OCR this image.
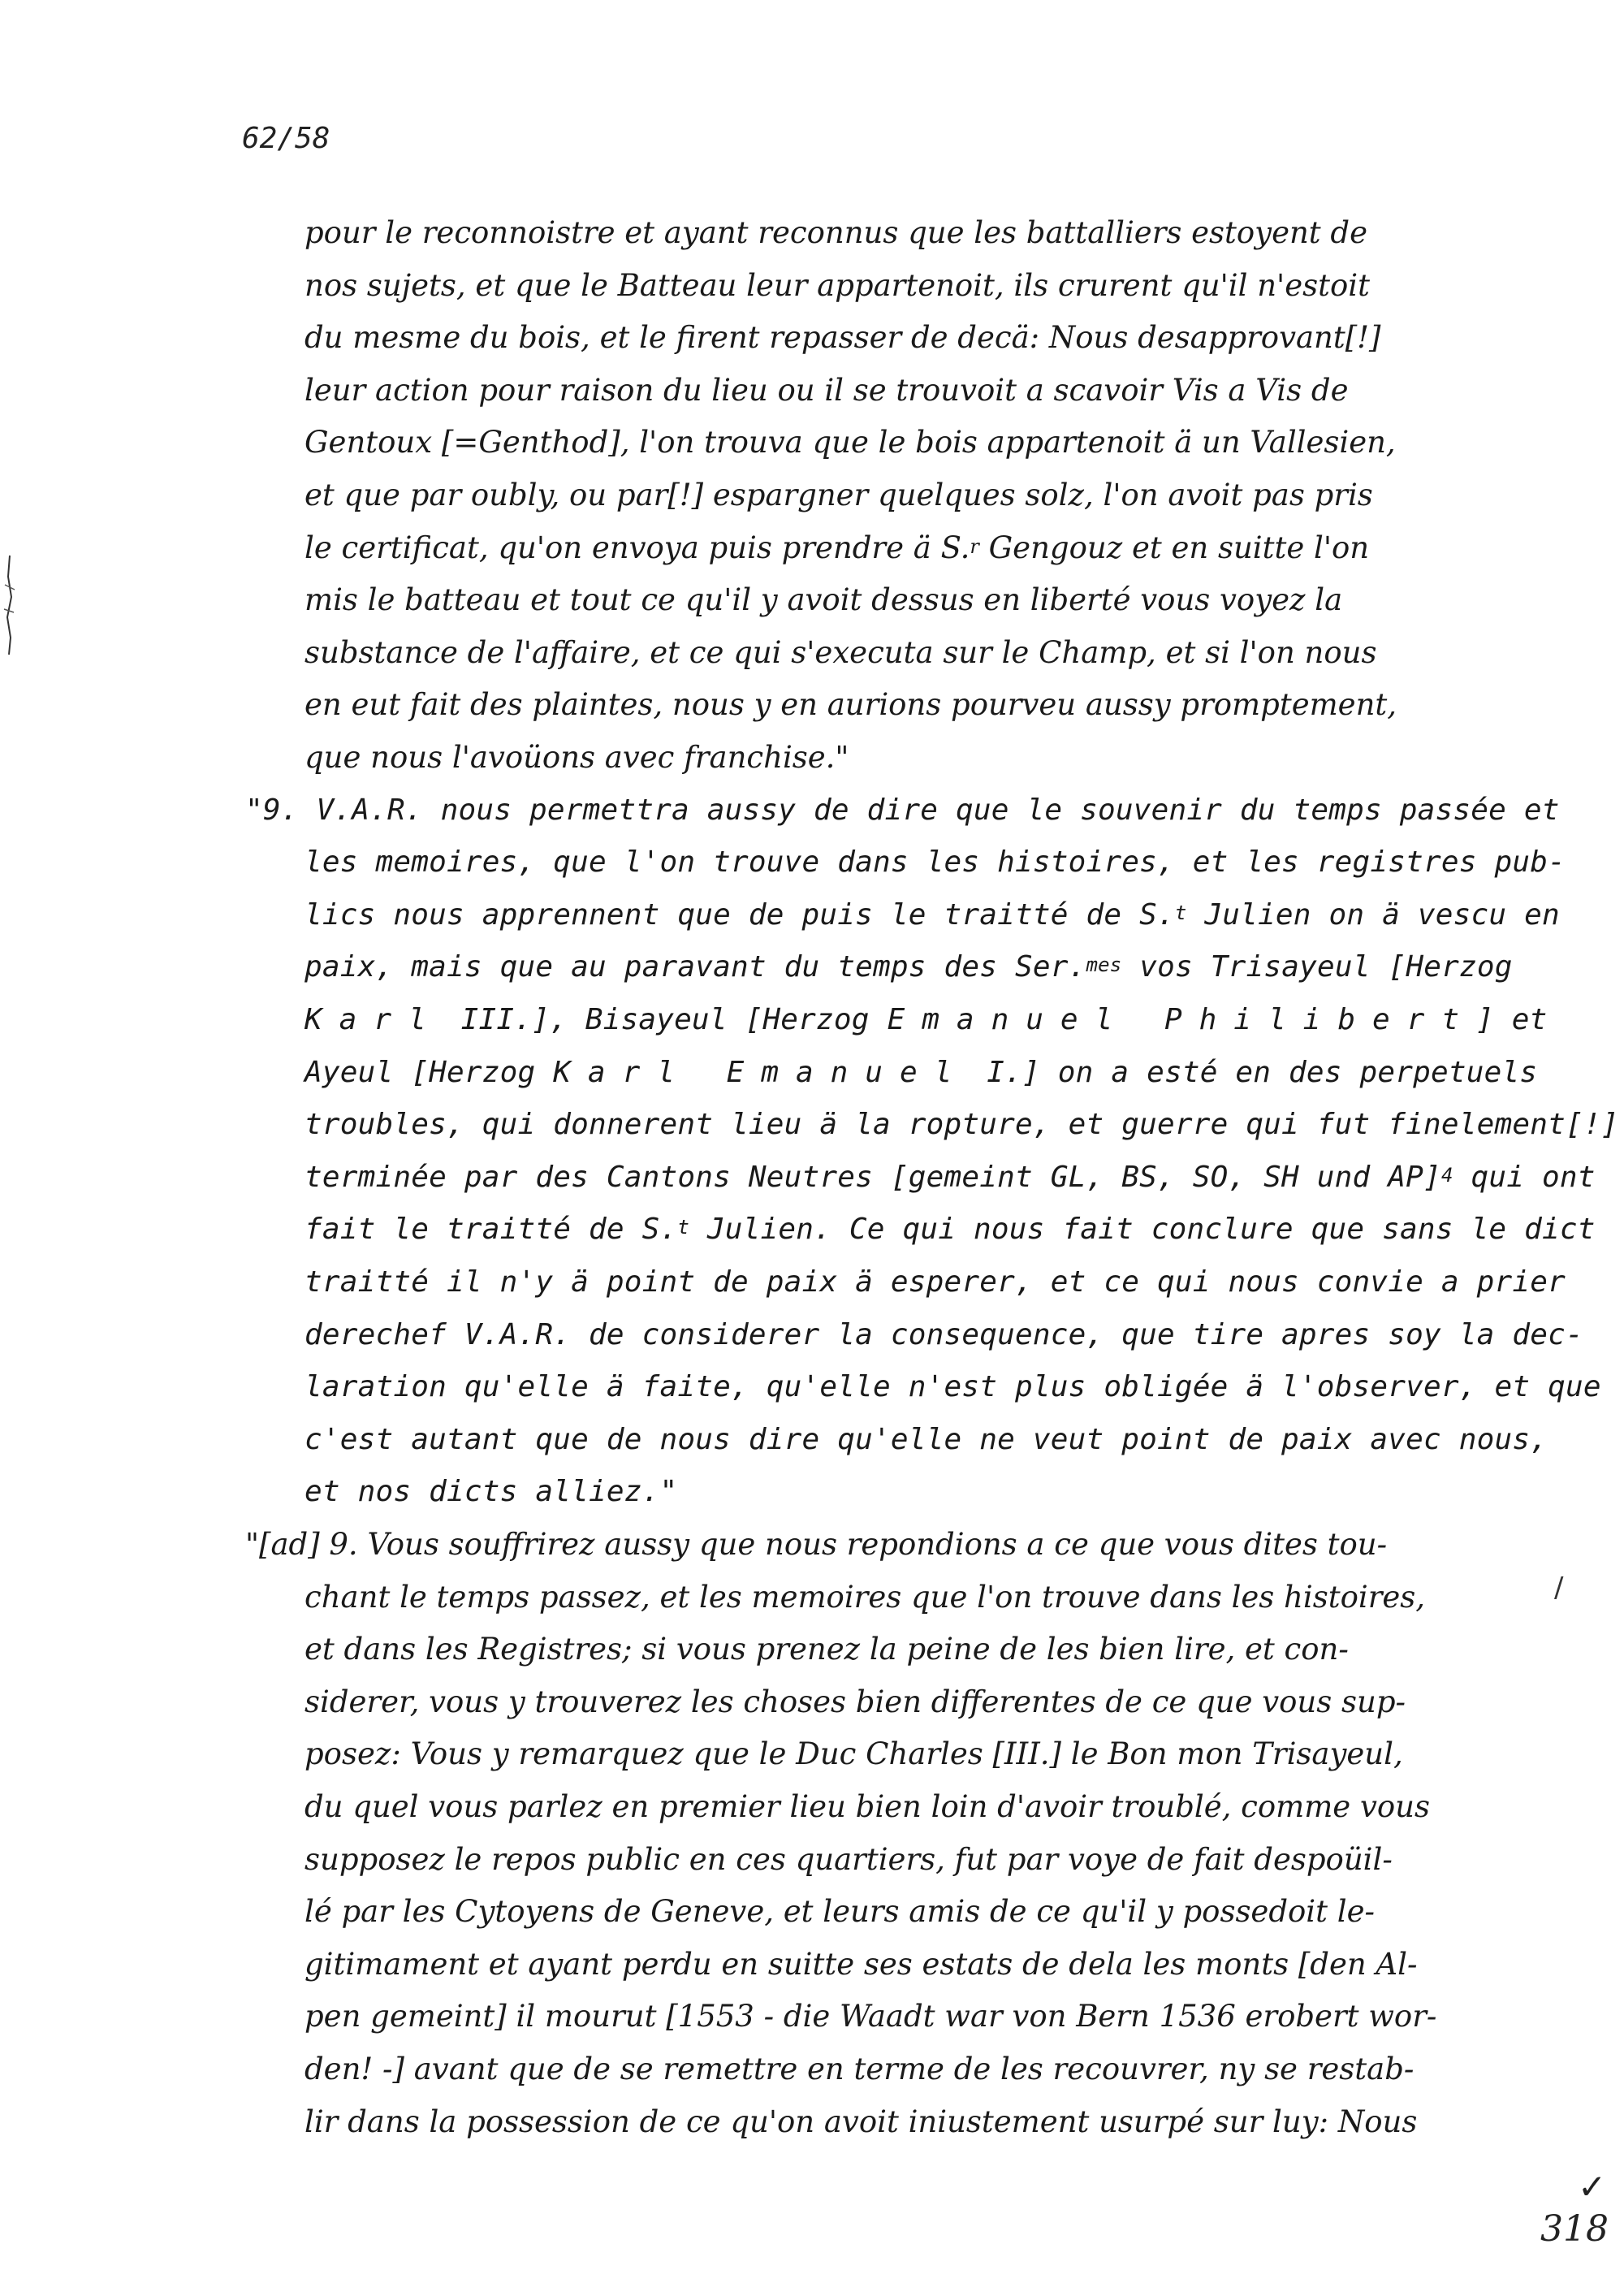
62/58
pour le reconnoistre et ayant reconnus que les battalliers estoyent de
nos sujets, et que le Batteau leur appartenoit, ils crurent qu'il n'estoit
du mesme du bois, et le firent repasser de decä: Nous desapprovant[!]
leur action pour raison du lieu ou il se trouvoit a scavoir Vis a Vis de
Gentoux [=Genthod], l'on trouva que le bois appartenoit ä un Vallesien,
et que par oubly, ou par[!] espargner quelques solz, l'on avoit pas pris
le certificat, qu'on envoya puis prendre ä S.$^r$ Gengouz et en suitte l'on
mis le batteau et tout ce qu'il y avoit dessus en liberté vous voyez la
substance de l'affaire, et ce qui s'executa sur le Champ, et si l'on nous
en eut fait des plaintes, nous y en aurions pourveu aussy promptement,
que nous l'avoüons avec franchise."
"9. V.A.R. nous permettra aussy de dire que le souvenir du temps passée et
les memoires, que l'on trouve dans les histoires, et les registres pub-
lics nous apprennent que de puis le traitté de S.$^t$ Julien on ä vescu en
paix, mais que au paravant du temps des Ser.$^{mes}$ vos Trisayeul [Herzog
Karl III.], Bisayeul [Herzog Emanuel Philibert] et
Ayeul [Herzog Karl Emanuel I.] on a esté en des perpetuels
troubles, qui donnerent lieu ä la ropture, et guerre qui fut finelement[!]
terminée par des Cantons Neutres [gemeint GL, BS, SO, SH und AP]$^4$ qui ont
fait le traitté de S.$^t$ Julien. Ce qui nous fait conclure que sans le dict
traitté il n'y ä point de paix ä esperer, et ce qui nous convie a prier
derechef V.A.R. de considerer la consequence, que tire apres soy la dec-
laration qu'elle ä faite, qu'elle n'est plus obligée ä l'observer, et que
c'est autant que de nous dire qu'elle ne veut point de paix avec nous,
et nos dicts alliez."
"[ad] 9. Vous souffrirez aussy que nous repondions a ce que vous dites tou-
chant le temps passez, et les memoires que l'on trouve dans les histoires,
et dans les Registres; si vous prenez la peine de les bien lire, et con-
siderer, vous y trouverez les choses bien differentes de ce que vous sup-
posez: Vous y remarquez que le Duc Charles [III.] le Bon mon Trisayeul,
du quel vous parlez en premier lieu bien loin d'avoir troublé, comme vous
supposez le repos public en ces quartiers, fut par voye de fait despoüil-
lé par les Cytoyens de Geneve, et leurs amis de ce qu'il y possedoit le-
gitimament et ayant perdu en suitte ses estats de dela les monts [den Al-
pen gemeint] il mourut [1553 - die Waadt war von Bern 1536 erobert wor-
den! -] avant que de se remettre en terme de les recouvrer, ny se restab-
lir dans la possession de ce qu'on avoit iniustement usurpé sur luy: Nous
/
✓
318
